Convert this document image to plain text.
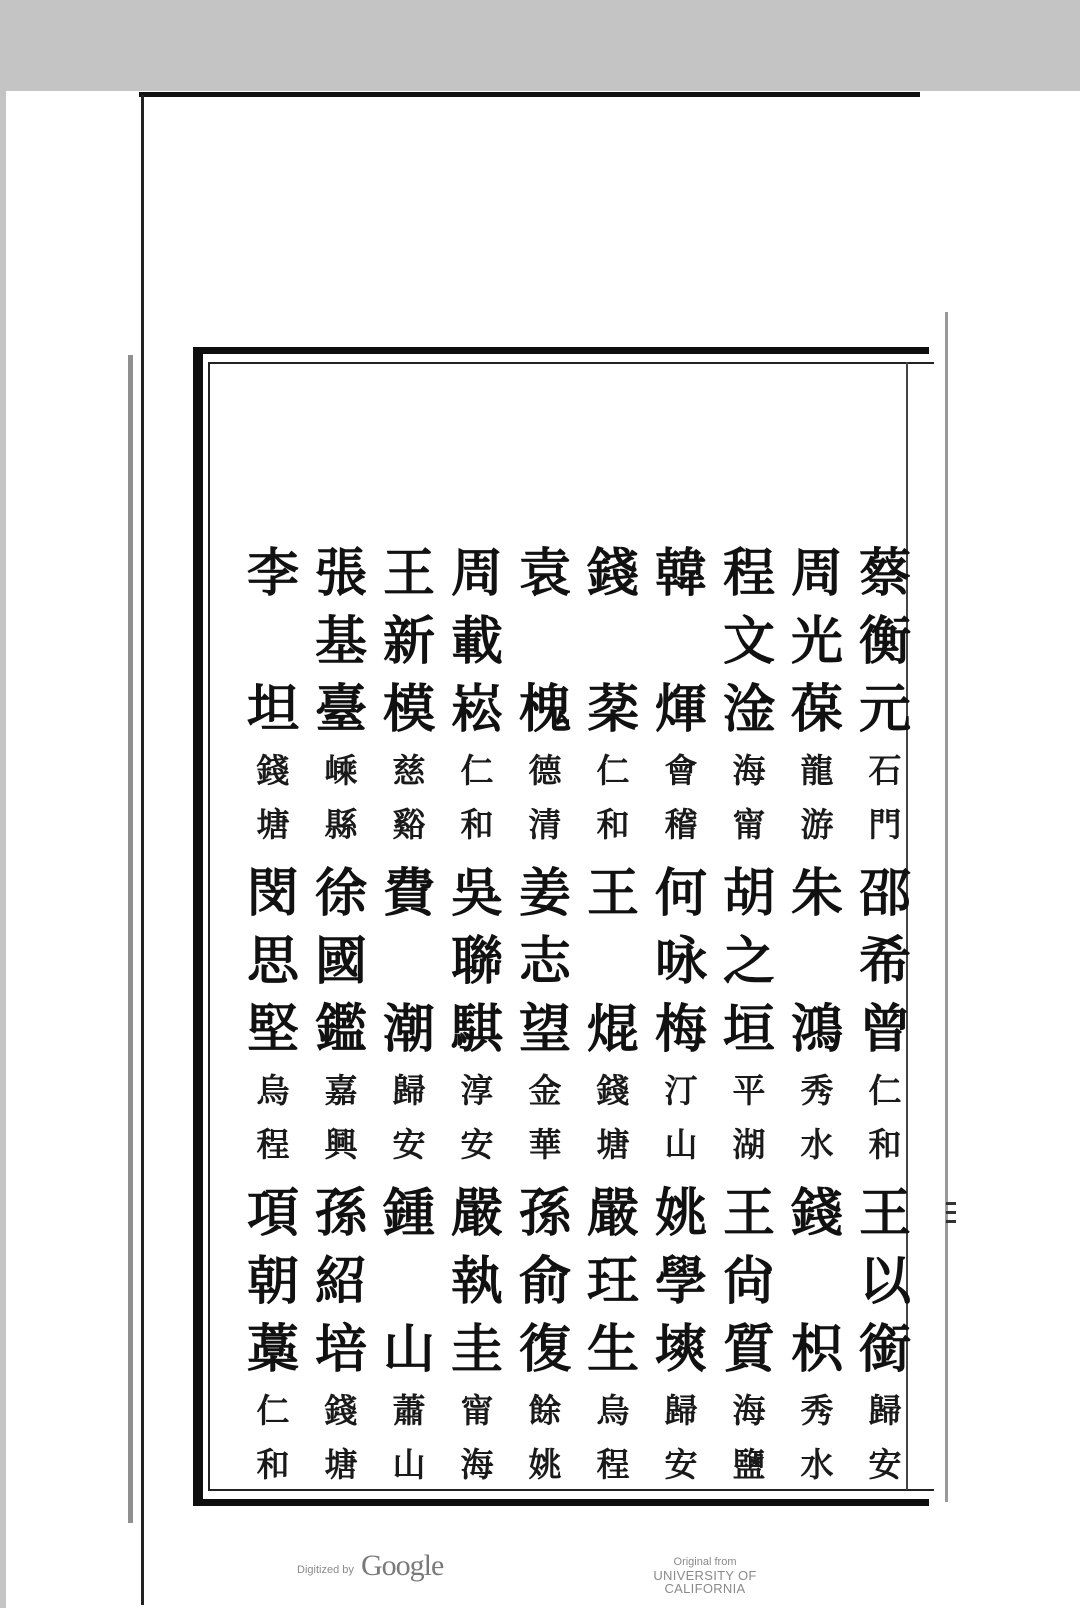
蔡
衡
元
石
門
邵
希
曾
仁
和
王
以
銜
歸
安
周
光
葆
龍
游
朱

鴻
秀
水
錢

枳
秀
水
程
文
淦
海
甯
胡
之
垣
平
湖
王
尙
質
海
鹽
韓

煇
會
稽
何
咏
梅
汀
山
姚
學
塽
歸
安
錢

棻
仁
和
王

焜
錢
塘
嚴
玨
生
烏
程
袁

槐
德
清
姜
志
望
金
華
孫
俞
復
餘
姚
周
載
崧
仁
和
吳
聯
騏
淳
安
嚴
執
圭
甯
海
王
新
模
慈
谿
費

潮
歸
安
鍾

山
蕭
山
張
基
臺
嵊
縣
徐
國
鑑
嘉
興
孫
紹
培
錢
塘
李

坦
錢
塘
閔
思
堅
烏
程
項
朝
藁
仁
和
Digitized by Google	Original from
UNIVERSITY OF CALIFORNIA
